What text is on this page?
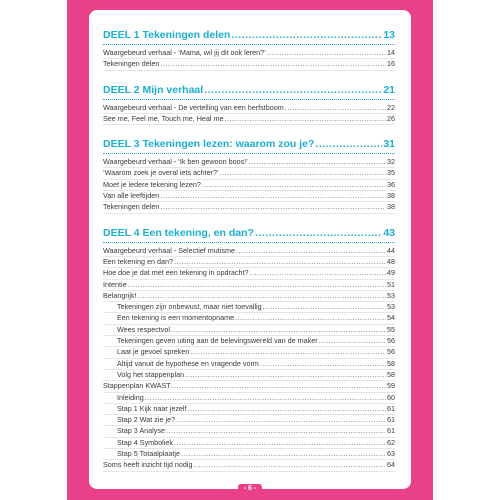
DEEL 1 Tekeningen delen .....	13
Waargebeurd verhaal - ‘Mama, wil jij dit ook leren?’ .....	14
Tekeningen delen .....	16
DEEL 2 Mijn verhaal .....	21
Waargebeurd verhaal - De vertelling van een herfstboom .....	22
See me, Feel me, Touch me, Heal me .....	26
DEEL 3 Tekeningen lezen: waarom zou je? .....	31
Waargebeurd verhaal - ‘Ik ben gewoon boos!’ .....	32
‘Waarom zoek je overal iets achter?’ .....	35
Moet je iedere tekening lezen? .....	36
Van alle leeftijden .....	38
Tekeningen delen .....	38
DEEL 4 Een tekening, en dan? .....	43
Waargebeurd verhaal - Selectief mutisme .....	44
Een tekening en dan? .....	48
Hoe doe je dat met een tekening in opdracht? .....	49
Intentie .....	51
Belangrijk! .....	53
Tekeningen zijn onbewust, maar niet toevallig .....	53
Een tekening is een momentopname .....	54
Wees respectvol .....	55
Tekeningen geven uiting aan de belevingswereld van de maker .....	56
Laat je gevoel spreken .....	56
Altijd vanuit de hypothese en vragende vorm .....	58
Volg het stappenplan .....	58
Stappenplan KWAST .....	59
Inleiding .....	60
Stap 1 Kijk naar jezelf .....	61
Stap 2 Wat zie je? .....	61
Stap 3 Analyse .....	61
Stap 4 Symboliek .....	62
Stap 5 Totaalplaatje .....	63
Soms heeft inzicht tijd nodig .....	64
- 6 -
